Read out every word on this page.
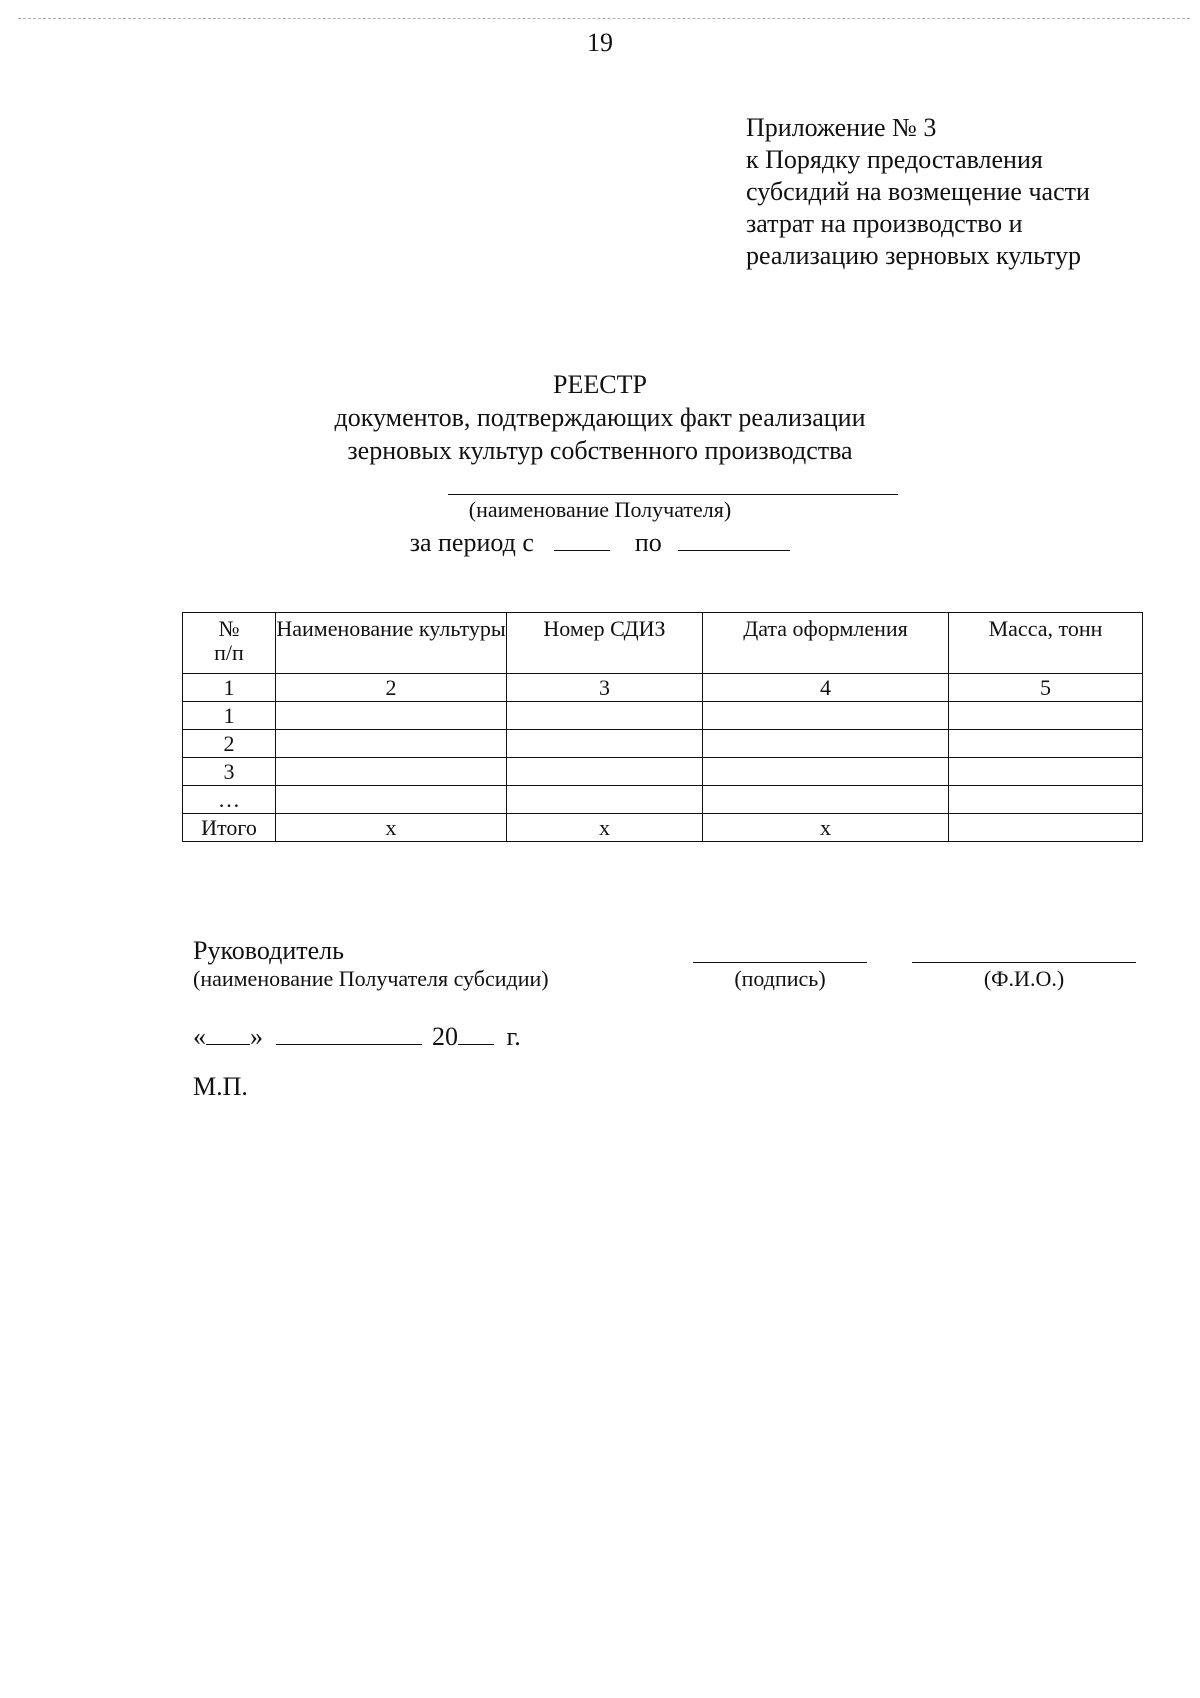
19
Приложение № 3
к Порядку предоставления
субсидий на возмещение части
затрат на производство и
реализацию зерновых культур
РЕЕСТР
документов, подтверждающих факт реализации
зерновых культур собственного производства
(наименование Получателя)
за период с	по
№
п/п	Наименование культуры	Номер СДИЗ	Дата оформления	Масса, тонн
1	2	3	4	5
1				
2				
3				
…				
Итого	х	х	х	
Руководитель
(наименование Получателя субсидии)	(подпись)	(Ф.И.О.)
« »	20 г.
М.П.
